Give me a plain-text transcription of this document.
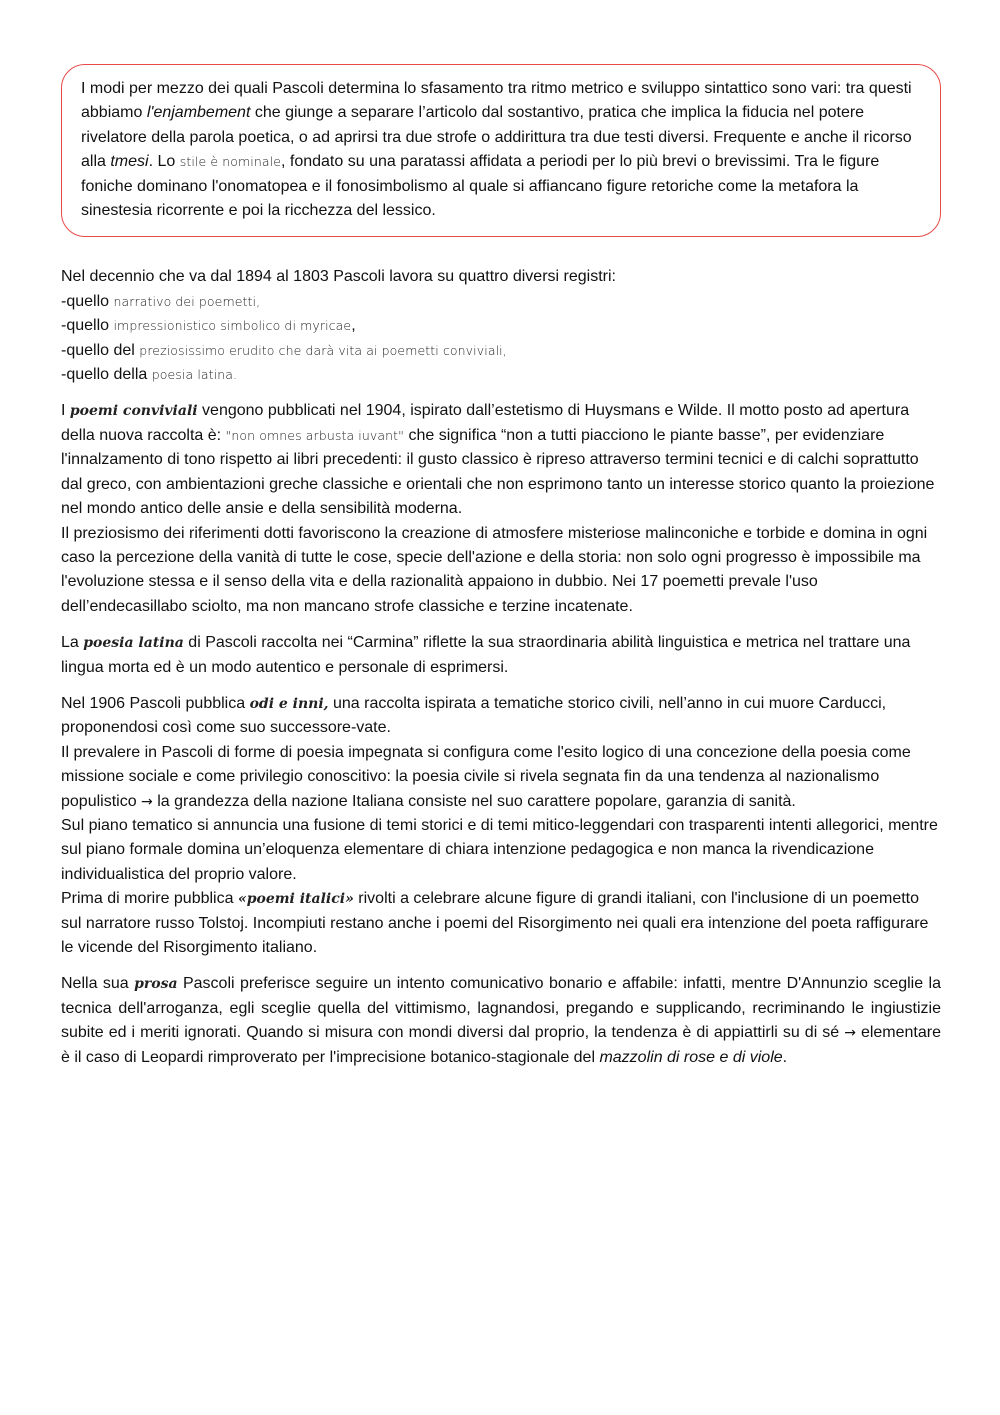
I modi per mezzo dei quali Pascoli determina lo sfasamento tra ritmo metrico e sviluppo sintattico sono vari: tra questi abbiamo l'enjambement che giunge a separare l’articolo dal sostantivo, pratica che implica la fiducia nel potere rivelatore della parola poetica, o ad aprirsi tra due strofe o addirittura tra due testi diversi. Frequente e anche il ricorso alla tmesi. Lo stile è nominale, fondato su una paratassi affidata a periodi per lo più brevi o brevissimi. Tra le figure foniche dominano l'onomatopea e il fonosimbolismo al quale si affiancano figure retoriche come la metafora la sinestesia ricorrente e poi la ricchezza del lessico.
Nel decennio che va dal 1894 al 1803 Pascoli lavora su quattro diversi registri:
-quello narrativo dei poemetti,
-quello impressionistico simbolico di myricae,
-quello del preziosissimo erudito che darà vita ai poemetti conviviali,
-quello della poesia latina.
I poemi conviviali vengono pubblicati nel 1904, ispirato dall’estetismo di Huysmans e Wilde. Il motto posto ad apertura della nuova raccolta è: "non omnes arbusta iuvant" che significa “non a tutti piacciono le piante basse”, per evidenziare l'innalzamento di tono rispetto ai libri precedenti: il gusto classico è ripreso attraverso termini tecnici e di calchi soprattutto dal greco, con ambientazioni greche classiche e orientali che non esprimono tanto un interesse storico quanto la proiezione nel mondo antico delle ansie e della sensibilità moderna.
Il preziosismo dei riferimenti dotti favoriscono la creazione di atmosfere misteriose malinconiche e torbide e domina in ogni caso la percezione della vanità di tutte le cose, specie dell'azione e della storia: non solo ogni progresso è impossibile ma l'evoluzione stessa e il senso della vita e della razionalità appaiono in dubbio. Nei 17 poemetti prevale l'uso dell’endecasillabo sciolto, ma non mancano strofe classiche e terzine incatenate.
La poesia latina di Pascoli raccolta nei “Carmina” riflette la sua straordinaria abilità linguistica e metrica nel trattare una lingua morta ed è un modo autentico e personale di esprimersi.
Nel 1906 Pascoli pubblica odi e inni, una raccolta ispirata a tematiche storico civili, nell’anno in cui muore Carducci, proponendosi così come suo successore-vate.
Il prevalere in Pascoli di forme di poesia impegnata si configura come l'esito logico di una concezione della poesia come missione sociale e come privilegio conoscitivo: la poesia civile si rivela segnata fin da una tendenza al nazionalismo populistico → la grandezza della nazione Italiana consiste nel suo carattere popolare, garanzia di sanità.
Sul piano tematico si annuncia una fusione di temi storici e di temi mitico-leggendari con trasparenti intenti allegorici, mentre sul piano formale domina un’eloquenza elementare di chiara intenzione pedagogica e non manca la rivendicazione individualistica del proprio valore.
Prima di morire pubblica «poemi italici» rivolti a celebrare alcune figure di grandi italiani, con l'inclusione di un poemetto sul narratore russo Tolstoj. Incompiuti restano anche i poemi del Risorgimento nei quali era intenzione del poeta raffigurare le vicende del Risorgimento italiano.
Nella sua prosa Pascoli preferisce seguire un intento comunicativo bonario e affabile: infatti, mentre D'Annunzio sceglie la tecnica dell'arroganza, egli sceglie quella del vittimismo, lagnandosi, pregando e supplicando, recriminando le ingiustizie subite ed i meriti ignorati. Quando si misura con mondi diversi dal proprio, la tendenza è di appiattirli su di sé → elementare è il caso di Leopardi rimproverato per l'imprecisione botanico-stagionale del mazzolin di rose e di viole.
